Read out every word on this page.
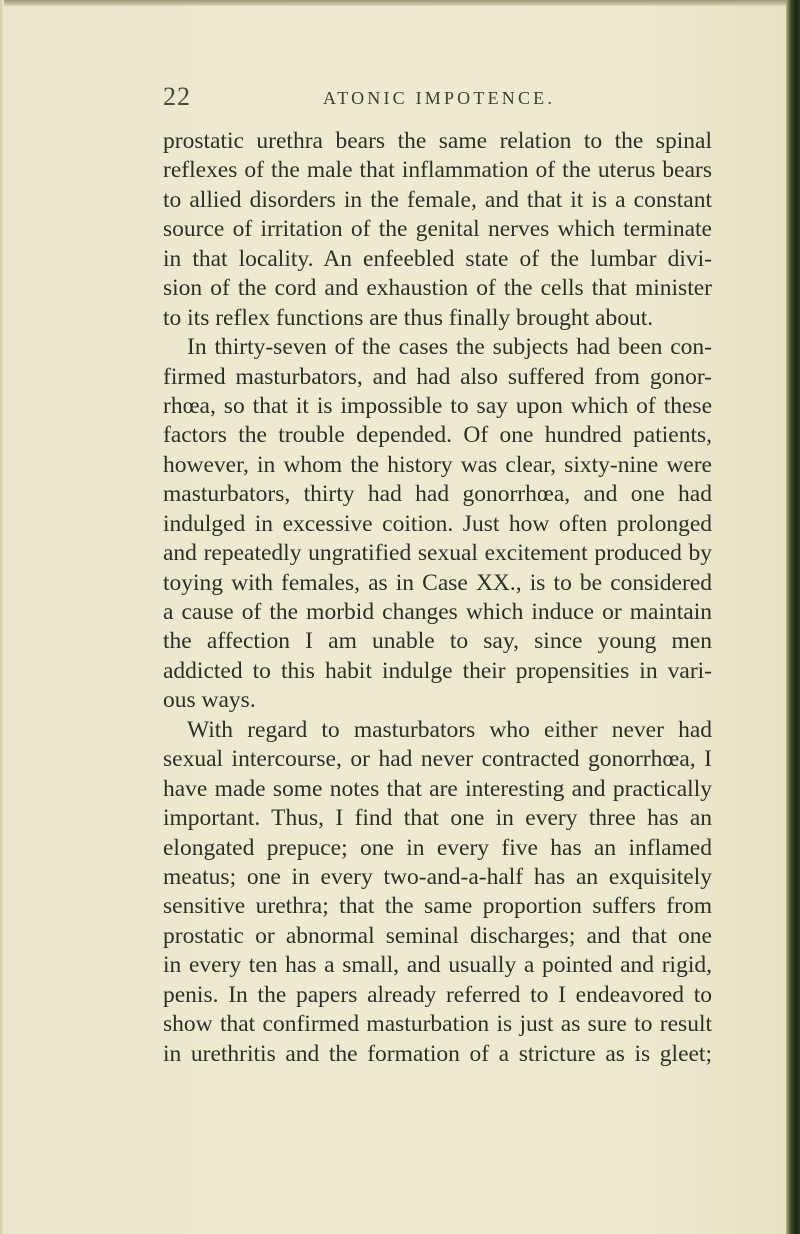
22	ATONIC IMPOTENCE.
prostatic urethra bears the same relation to the spinal
reflexes of the male that inflammation of the uterus bears
to allied disorders in the female, and that it is a constant
source of irritation of the genital nerves which terminate
in that locality. An enfeebled state of the lumbar divi-
sion of the cord and exhaustion of the cells that minister
to its reflex functions are thus finally brought about.
In thirty-seven of the cases the subjects had been con-
firmed masturbators, and had also suffered from gonor-
rhœa, so that it is impossible to say upon which of these
factors the trouble depended. Of one hundred patients,
however, in whom the history was clear, sixty-nine were
masturbators, thirty had had gonorrhœa, and one had
indulged in excessive coition. Just how often prolonged
and repeatedly ungratified sexual excitement produced by
toying with females, as in Case XX., is to be considered
a cause of the morbid changes which induce or maintain
the affection I am unable to say, since young men
addicted to this habit indulge their propensities in vari-
ous ways.
With regard to masturbators who either never had
sexual intercourse, or had never contracted gonorrhœa, I
have made some notes that are interesting and practically
important. Thus, I find that one in every three has an
elongated prepuce; one in every five has an inflamed
meatus; one in every two-and-a-half has an exquisitely
sensitive urethra; that the same proportion suffers from
prostatic or abnormal seminal discharges; and that one
in every ten has a small, and usually a pointed and rigid,
penis. In the papers already referred to I endeavored to
show that confirmed masturbation is just as sure to result
in urethritis and the formation of a stricture as is gleet;
